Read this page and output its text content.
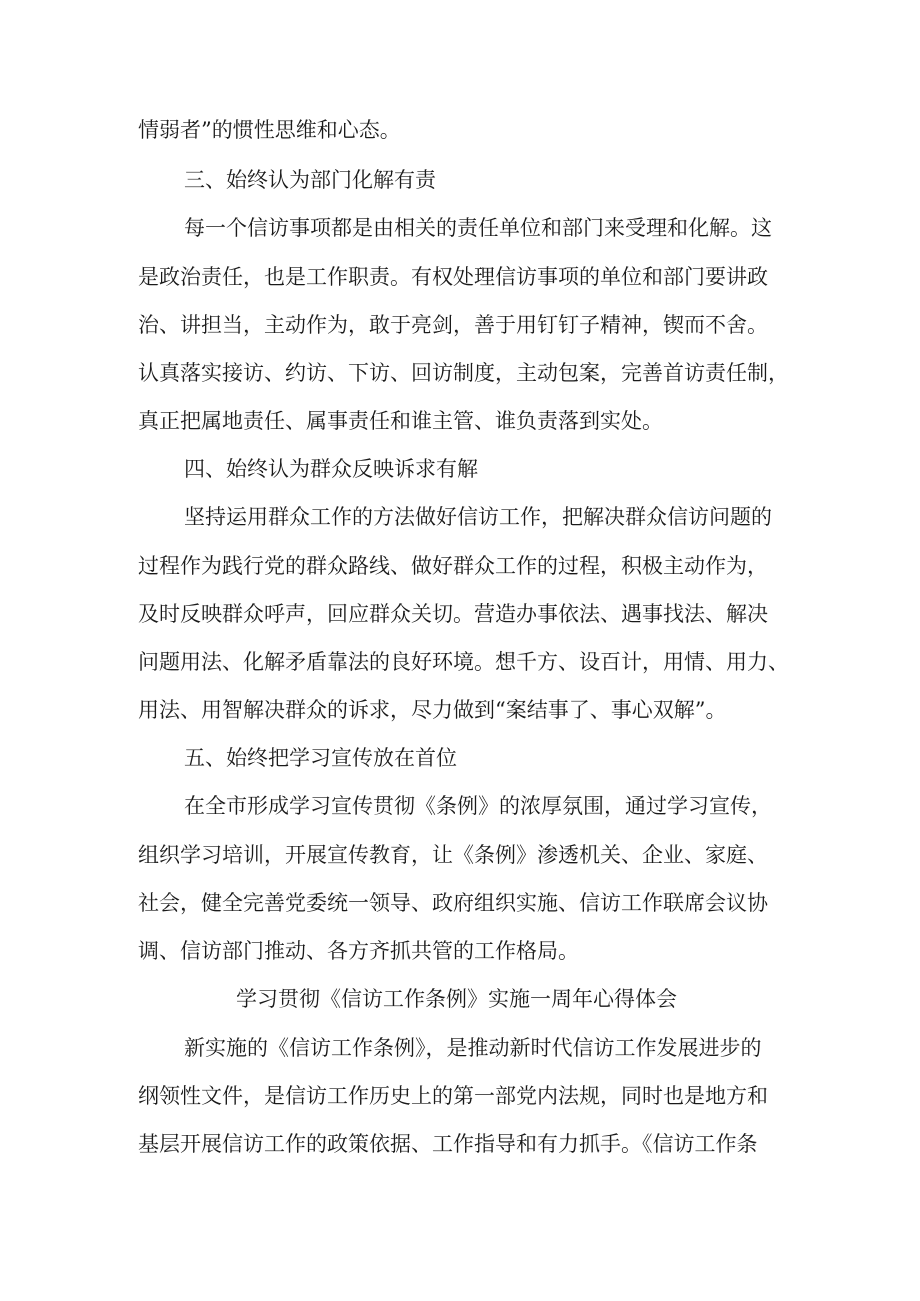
情弱者”的惯性思维和心态。
三、始终认为部门化解有责
每一个信访事项都是由相关的责任单位和部门来受理和化解。这
是政治责任，也是工作职责。有权处理信访事项的单位和部门要讲政
治、讲担当，主动作为，敢于亮剑，善于用钉钉子精神，锲而不舍。
认真落实接访、约访、下访、回访制度，主动包案，完善首访责任制，
真正把属地责任、属事责任和谁主管、谁负责落到实处。
四、始终认为群众反映诉求有解
坚持运用群众工作的方法做好信访工作，把解决群众信访问题的
过程作为践行党的群众路线、做好群众工作的过程，积极主动作为，
及时反映群众呼声，回应群众关切。营造办事依法、遇事找法、解决
问题用法、化解矛盾靠法的良好环境。想千方、设百计，用情、用力、
用法、用智解决群众的诉求，尽力做到“案结事了、事心双解”。
五、始终把学习宣传放在首位
在全市形成学习宣传贯彻《条例》的浓厚氛围，通过学习宣传，
组织学习培训，开展宣传教育，让《条例》渗透机关、企业、家庭、
社会，健全完善党委统一领导、政府组织实施、信访工作联席会议协
调、信访部门推动、各方齐抓共管的工作格局。
学习贯彻《信访工作条例》实施一周年心得体会
新实施的《信访工作条例》，是推动新时代信访工作发展进步的
纲领性文件，是信访工作历史上的第一部党内法规，同时也是地方和
基层开展信访工作的政策依据、工作指导和有力抓手。《信访工作条
